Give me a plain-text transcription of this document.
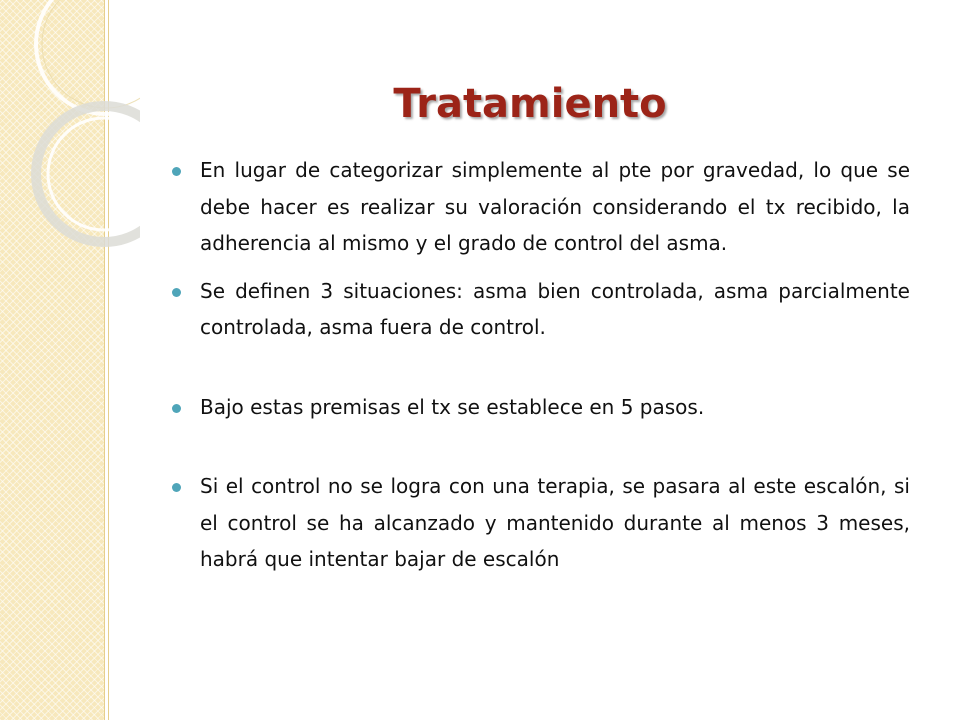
Tratamiento
En lugar de categorizar simplemente al pte por gravedad, lo que se debe hacer es realizar su valoración considerando el tx recibido, la adherencia al mismo y el grado de control del asma.
Se definen 3 situaciones: asma bien controlada, asma parcialmente controlada, asma fuera de control.
Bajo estas premisas el tx se establece en 5 pasos.
Si el control no se logra con una terapia, se pasara al este escalón, si el control se ha alcanzado y mantenido durante al menos 3 meses, habrá que intentar bajar de escalón
